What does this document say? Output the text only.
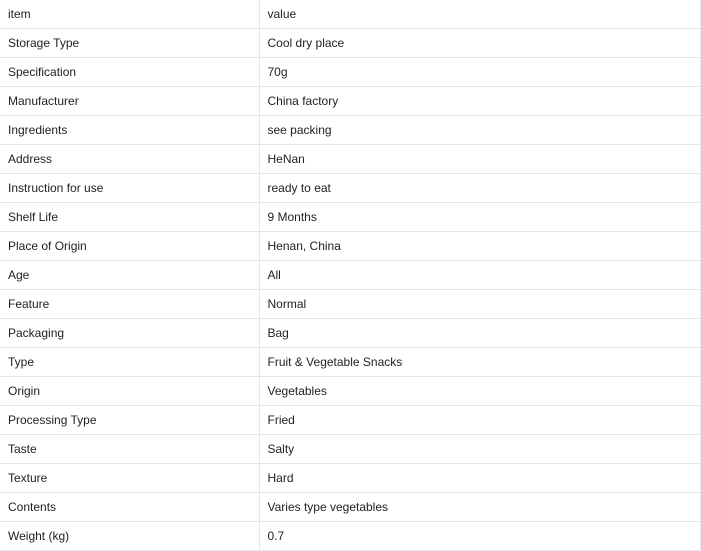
item	value
Storage Type	Cool dry place
Specification	70g
Manufacturer	China factory
Ingredients	see packing
Address	HeNan
Instruction for use	ready to eat
Shelf Life	9 Months
Place of Origin	Henan, China
Age	All
Feature	Normal
Packaging	Bag
Type	Fruit & Vegetable Snacks
Origin	Vegetables
Processing Type	Fried
Taste	Salty
Texture	Hard
Contents	Varies type vegetables
Weight (kg)	0.7
